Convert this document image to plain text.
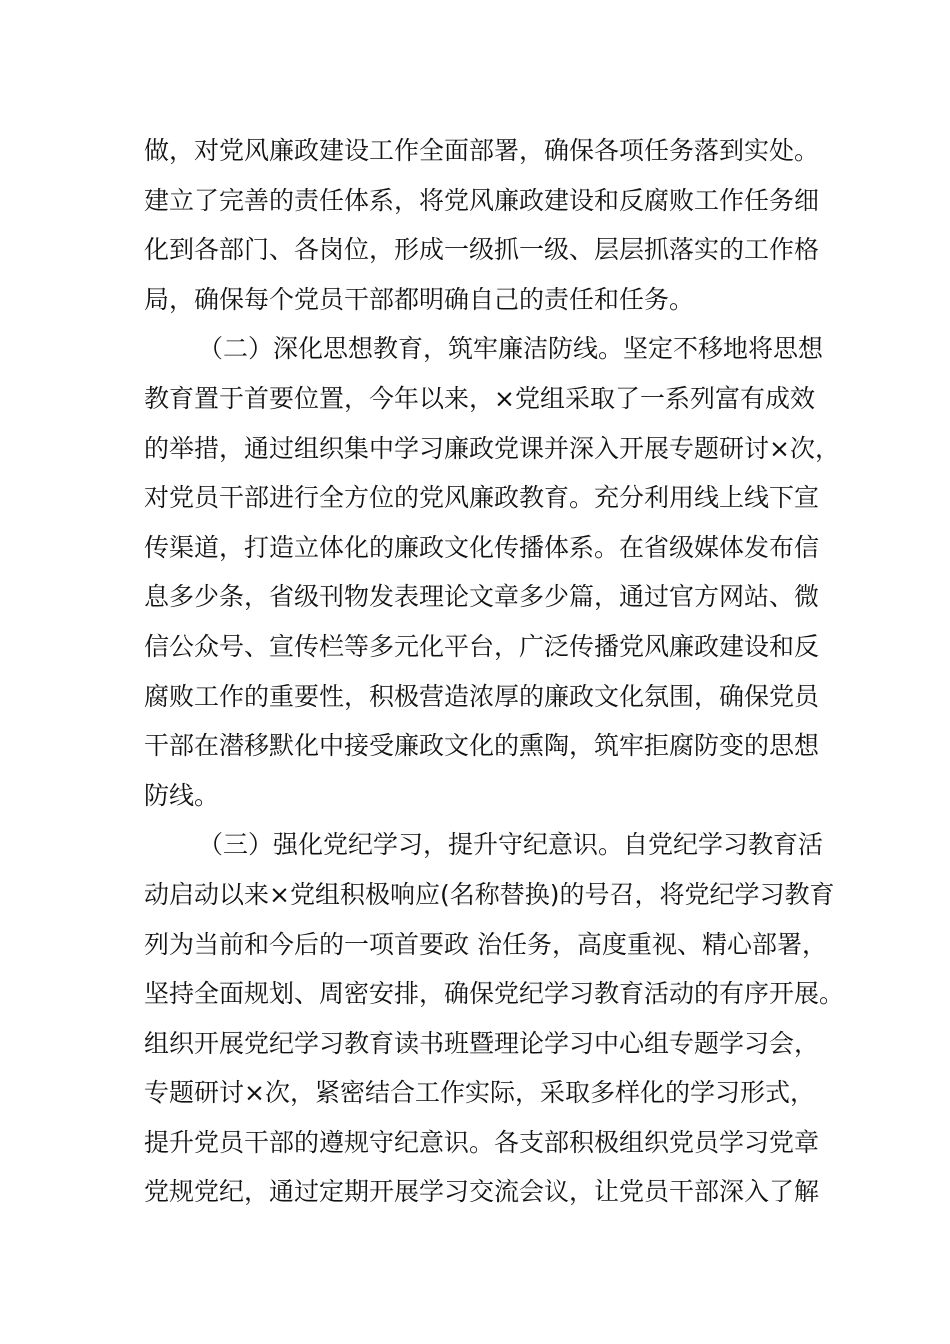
做，对党风廉政建设工作全面部署，确保各项任务落到实处。
建立了完善的责任体系，将党风廉政建设和反腐败工作任务细
化到各部门、各岗位，形成一级抓一级、层层抓落实的工作格
局，确保每个党员干部都明确自己的责任和任务。
（二）深化思想教育，筑牢廉洁防线。坚定不移地将思想
教育置于首要位置，今年以来，×党组采取了一系列富有成效
的举措，通过组织集中学习廉政党课并深入开展专题研讨×次，
对党员干部进行全方位的党风廉政教育。充分利用线上线下宣
传渠道，打造立体化的廉政文化传播体系。在省级媒体发布信
息多少条，省级刊物发表理论文章多少篇，通过官方网站、微
信公众号、宣传栏等多元化平台，广泛传播党风廉政建设和反
腐败工作的重要性，积极营造浓厚的廉政文化氛围，确保党员
干部在潜移默化中接受廉政文化的熏陶，筑牢拒腐防变的思想
防线。
（三）强化党纪学习，提升守纪意识。自党纪学习教育活
动启动以来×党组积极响应(名称替换)的号召，将党纪学习教育
列为当前和今后的一项首要政 治任务，高度重视、精心部署，
坚持全面规划、周密安排，确保党纪学习教育活动的有序开展。
组织开展党纪学习教育读书班暨理论学习中心组专题学习会，
专题研讨×次，紧密结合工作实际，采取多样化的学习形式，
提升党员干部的遵规守纪意识。各支部积极组织党员学习党章
党规党纪，通过定期开展学习交流会议，让党员干部深入了解
